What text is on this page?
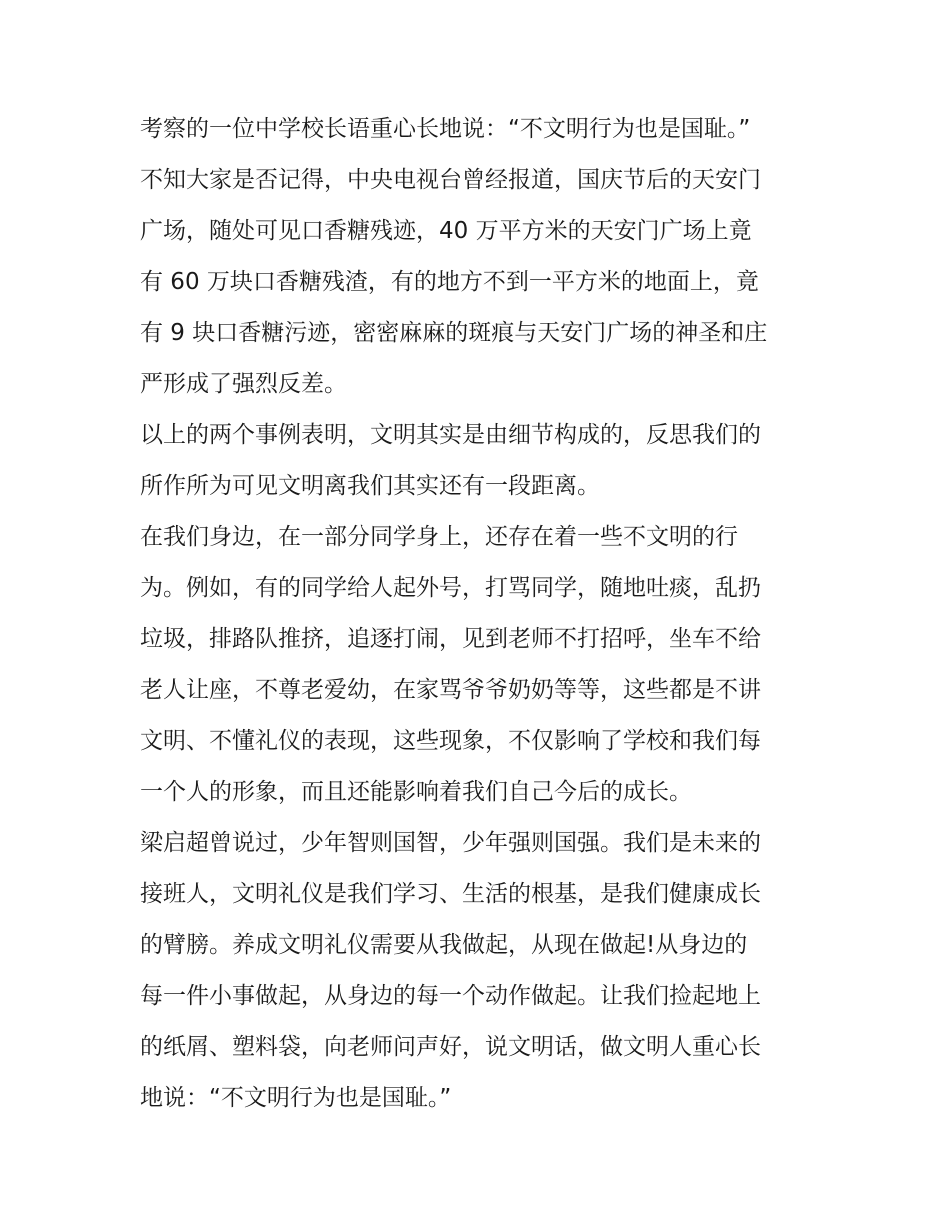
考察的一位中学校长语重心长地说：“不文明行为也是国耻。”

不知大家是否记得，中央电视台曾经报道，国庆节后的天安门
广场，随处可见口香糖残迹，40 万平方米的天安门广场上竟
有 60 万块口香糖残渣，有的地方不到一平方米的地面上，竟
有 9 块口香糖污迹，密密麻麻的斑痕与天安门广场的神圣和庄
严形成了强烈反差。

以上的两个事例表明，文明其实是由细节构成的，反思我们的
所作所为可见文明离我们其实还有一段距离。

在我们身边，在一部分同学身上，还存在着一些不文明的行
为。例如，有的同学给人起外号，打骂同学，随地吐痰，乱扔
垃圾，排路队推挤，追逐打闹，见到老师不打招呼，坐车不给
老人让座，不尊老爱幼，在家骂爷爷奶奶等等，这些都是不讲
文明、不懂礼仪的表现，这些现象，不仅影响了学校和我们每
一个人的形象，而且还能影响着我们自己今后的成长。

梁启超曾说过，少年智则国智，少年强则国强。我们是未来的
接班人，文明礼仪是我们学习、生活的根基，是我们健康成长
的臂膀。养成文明礼仪需要从我做起，从现在做起!从身边的
每一件小事做起，从身边的每一个动作做起。让我们捡起地上
的纸屑、塑料袋，向老师问声好，说文明话，做文明人重心长
地说：“不文明行为也是国耻。”
